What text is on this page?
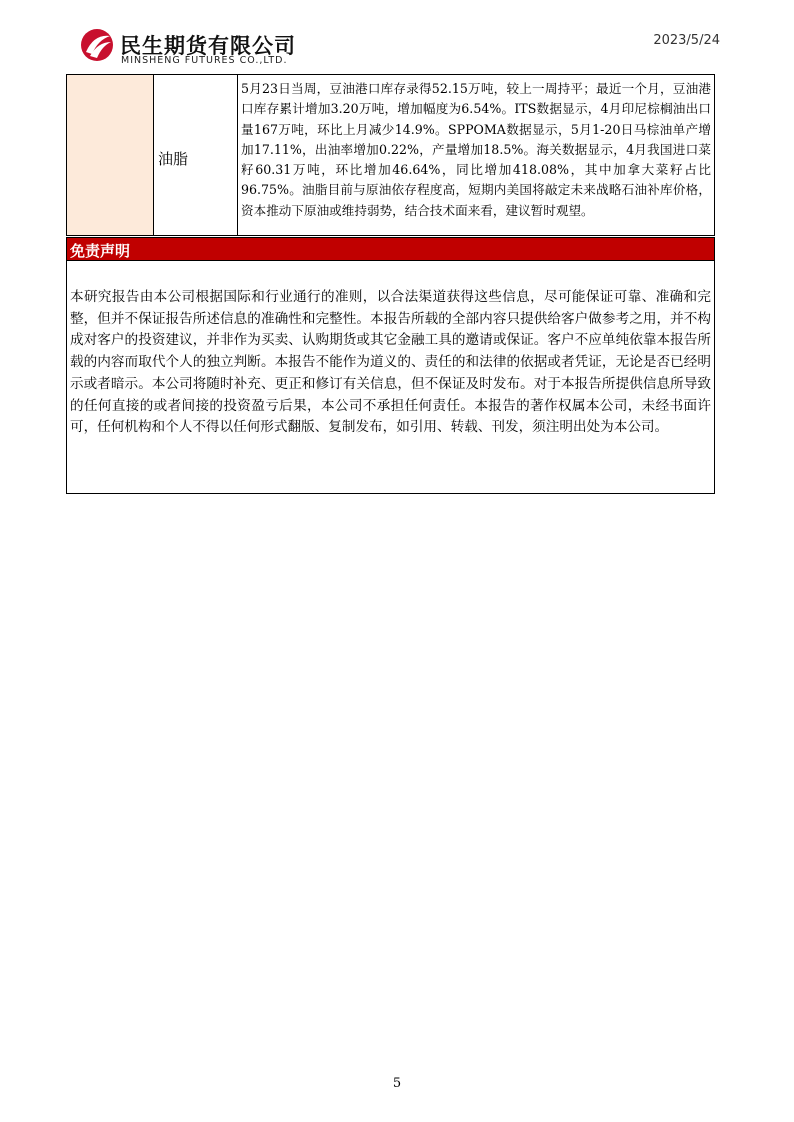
民生期货有限公司
MINSHENG FUTURES CO.,LTD.
2023/5/24
油脂
5月23日当周，豆油港口库存录得52.15万吨，较上一周持平；最近一个月，豆油港口库存累计增加3.20万吨，增加幅度为6.54%。ITS数据显示，4月印尼棕榈油出口量167万吨，环比上月减少14.9%。SPPOMA数据显示，5月1-20日马棕油单产增加17.11%，出油率增加0.22%，产量增加18.5%。海关数据显示，4月我国进口菜籽60.31万吨，环比增加46.64%，同比增加418.08%，其中加拿大菜籽占比96.75%。油脂目前与原油依存程度高，短期内美国将敲定未来战略石油补库价格，资本推动下原油或维持弱势，结合技术面来看，建议暂时观望。
免责声明
本研究报告由本公司根据国际和行业通行的准则，以合法渠道获得这些信息，尽可能保证可靠、准确和完整，但并不保证报告所述信息的准确性和完整性。本报告所载的全部内容只提供给客户做参考之用，并不构成对客户的投资建议，并非作为买卖、认购期货或其它金融工具的邀请或保证。客户不应单纯依靠本报告所载的内容而取代个人的独立判断。本报告不能作为道义的、责任的和法律的依据或者凭证，无论是否已经明示或者暗示。本公司将随时补充、更正和修订有关信息，但不保证及时发布。对于本报告所提供信息所导致的任何直接的或者间接的投资盈亏后果，本公司不承担任何责任。本报告的著作权属本公司，未经书面许可，任何机构和个人不得以任何形式翻版、复制发布，如引用、转载、刊发，须注明出处为本公司。
5
